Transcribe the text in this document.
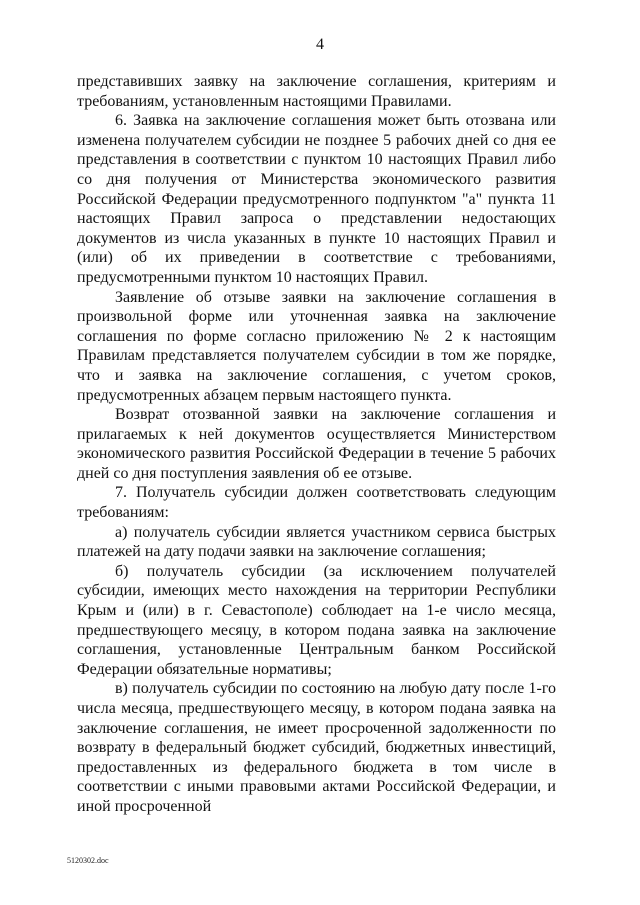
4

представивших заявку на заключение соглашения, критериям и требованиям, установленным настоящими Правилами.

6. Заявка на заключение соглашения может быть отозвана или изменена получателем субсидии не позднее 5 рабочих дней со дня ее представления в соответствии с пунктом 10 настоящих Правил либо со дня получения от Министерства экономического развития Российской Федерации предусмотренного подпунктом "а" пункта 11 настоящих Правил запроса о представлении недостающих документов из числа указанных в пункте 10 настоящих Правил и (или) об их приведении в соответствие с требованиями, предусмотренными пунктом 10 настоящих Правил.

Заявление об отзыве заявки на заключение соглашения в произвольной форме или уточненная заявка на заключение соглашения по форме согласно приложению № 2 к настоящим Правилам представляется получателем субсидии в том же порядке, что и заявка на заключение соглашения, с учетом сроков, предусмотренных абзацем первым настоящего пункта.

Возврат отозванной заявки на заключение соглашения и прилагаемых к ней документов осуществляется Министерством экономического развития Российской Федерации в течение 5 рабочих дней со дня поступления заявления об ее отзыве.

7. Получатель субсидии должен соответствовать следующим требованиям:

а) получатель субсидии является участником сервиса быстрых платежей на дату подачи заявки на заключение соглашения;

б) получатель субсидии (за исключением получателей субсидии, имеющих место нахождения на территории Республики Крым и (или) в г. Севастополе) соблюдает на 1-е число месяца, предшествующего месяцу, в котором подана заявка на заключение соглашения, установленные Центральным банком Российской Федерации обязательные нормативы;

в) получатель субсидии по состоянию на любую дату после 1-го числа месяца, предшествующего месяцу, в котором подана заявка на заключение соглашения, не имеет просроченной задолженности по возврату в федеральный бюджет субсидий, бюджетных инвестиций, предоставленных из федерального бюджета в том числе в соответствии с иными правовыми актами Российской Федерации, и иной просроченной

5120302.doc
